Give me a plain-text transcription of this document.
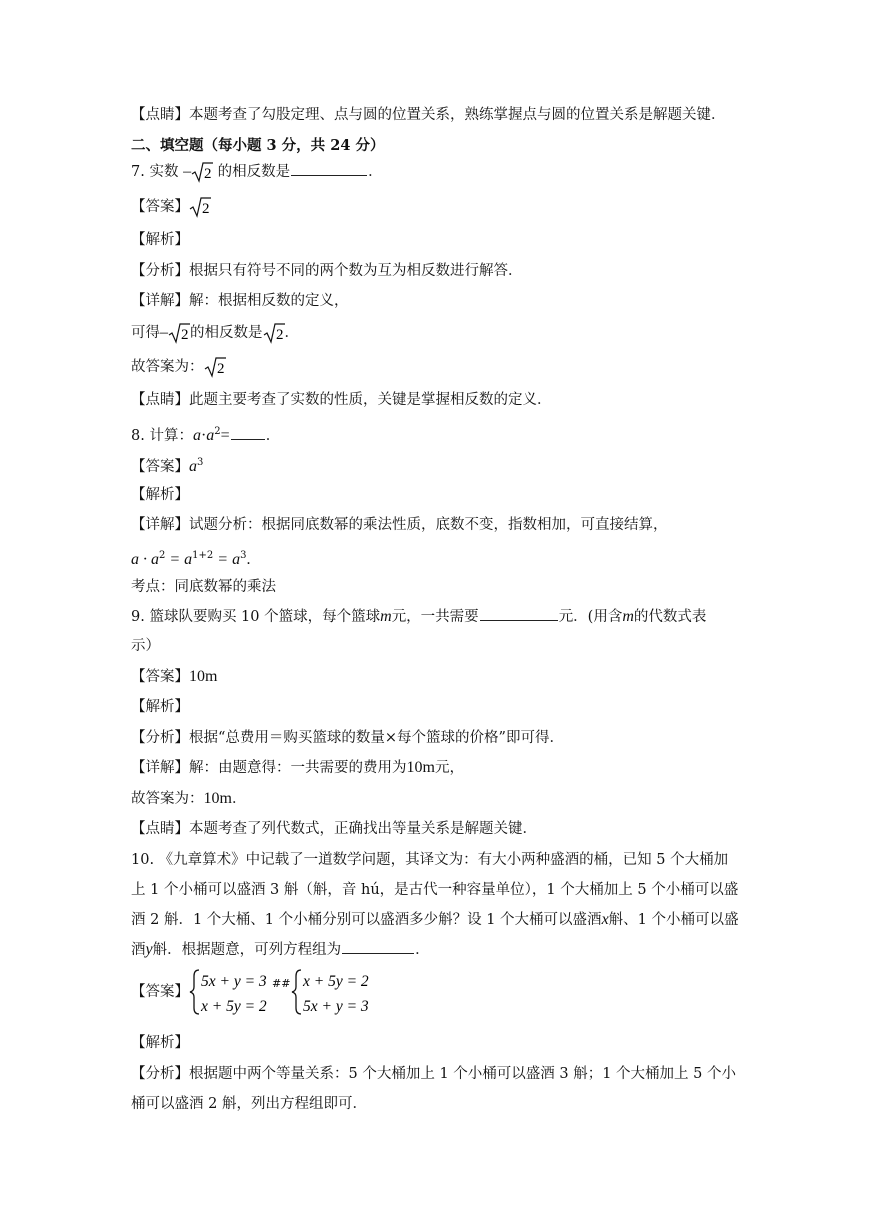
【点睛】本题考查了勾股定理、点与圆的位置关系，熟练掌握点与圆的位置关系是解题关键．
二、填空题（每小题 3 分，共 24 分）
7. 实数 – 2 的相反数是	．
【答案】 2
【解析】
【分析】根据只有符号不同的两个数为互为相反数进行解答．
【详解】解：根据相反数的定义，
可得– 2 的相反数是 2 ．
故答案为： 2
【点睛】此题主要考查了实数的性质，关键是掌握相反数的定义．
8. 计算：$a\cdot a^2=$ ．
【答案】$a^3$
【解析】
【详解】试题分析：根据同底数幂的乘法性质，底数不变，指数相加，可直接结算，
$a \cdot a^2 = a^{1+2} = a^3$.
考点：同底数幂的乘法
9. 篮球队要购买 10 个篮球，每个篮球m元，一共需要	元．(用含m的代数式表
示）
【答案】10m
【解析】
【分析】根据“总费用＝购买篮球的数量×每个篮球的价格”即可得．
【详解】解：由题意得：一共需要的费用为10m元，
故答案为：10m．
【点睛】本题考查了列代数式，正确找出等量关系是解题关键．
10. 《九章算术》中记载了一道数学问题，其译文为：有大小两种盛酒的桶，已知 5 个大桶加上 1 个小桶可以盛酒 3 斛（斛，音 hú，是古代一种容量单位），1 个大桶加上 5 个小桶可以盛酒 2 斛．1 个大桶、1 个小桶分别可以盛酒多少斛？设 1 个大桶可以盛酒x斛、1 个小桶可以盛酒y斛．根据题意，可列方程组为	．
【答案】
5x + y = 3
x + 5y = 2
## x + 5y = 2
5x + y = 3
【解析】
【分析】根据题中两个等量关系：5 个大桶加上 1 个小桶可以盛酒 3 斛；1 个大桶加上 5 个小桶可以盛酒 2 斛，列出方程组即可．
